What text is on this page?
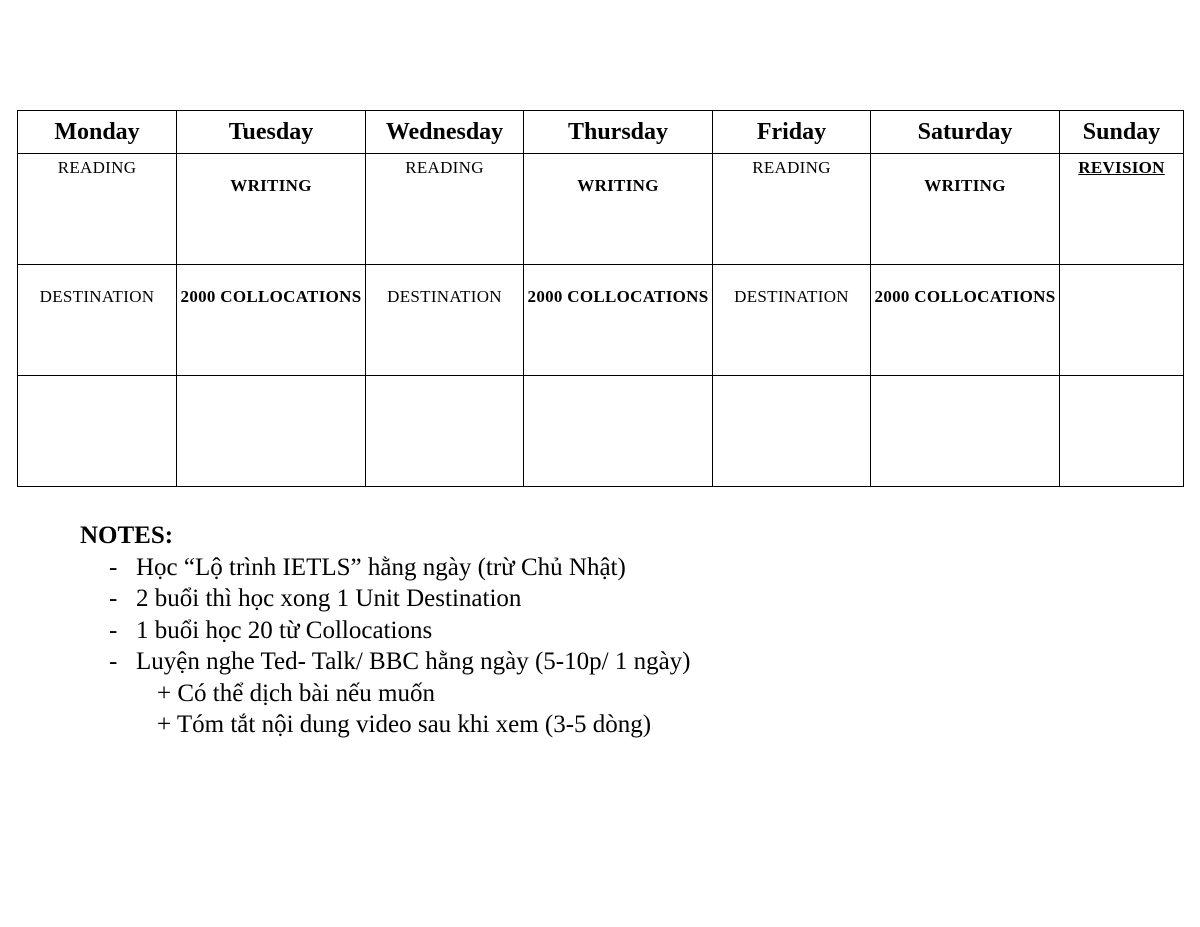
Monday	Tuesday	Wednesday	Thursday	Friday	Saturday	Sunday

READING	WRITING	READING	WRITING	READING	WRITING	REVISION

DESTINATION	2000 COLLOCATIONS	DESTINATION	2000 COLLOCATIONS	DESTINATION	2000 COLLOCATIONS	

NOTES:
- Học “Lộ trình IETLS” hằng ngày (trừ Chủ Nhật)
- 2 buổi thì học xong 1 Unit Destination
- 1 buổi học 20 từ Collocations
- Luyện nghe Ted- Talk/ BBC hằng ngày (5-10p/ 1 ngày)
+ Có thể dịch bài nếu muốn
+ Tóm tắt nội dung video sau khi xem (3-5 dòng)
